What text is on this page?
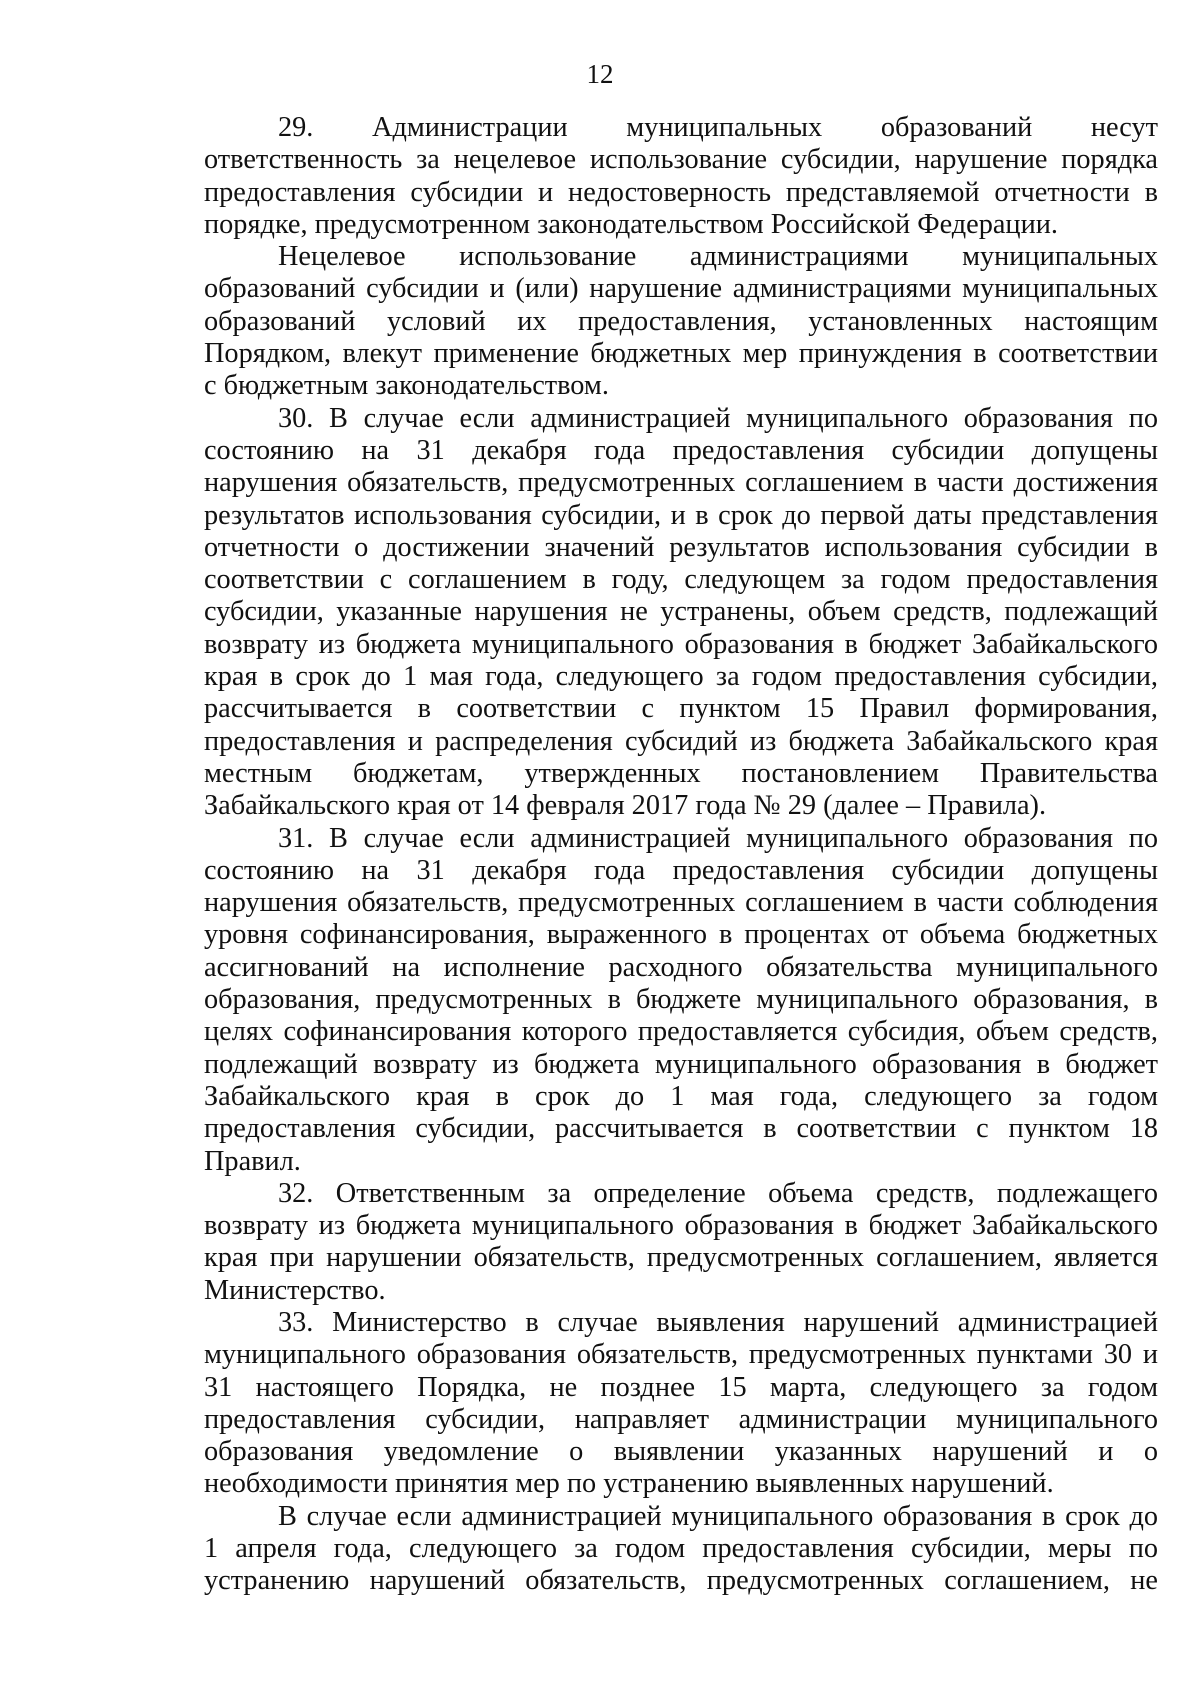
12

29. Администрации муниципальных образований несут
ответственность за нецелевое использование субсидии, нарушение порядка
предоставления субсидии и недостоверность представляемой отчетности в
порядке, предусмотренном законодательством Российской Федерации.

Нецелевое использование администрациями муниципальных
образований субсидии и (или) нарушение администрациями муниципальных
образований условий их предоставления, установленных настоящим
Порядком, влекут применение бюджетных мер принуждения в соответствии
с бюджетным законодательством.

30. В случае если администрацией муниципального образования по
состоянию на 31 декабря года предоставления субсидии допущены
нарушения обязательств, предусмотренных соглашением в части достижения
результатов использования субсидии, и в срок до первой даты представления
отчетности о достижении значений результатов использования субсидии в
соответствии с соглашением в году, следующем за годом предоставления
субсидии, указанные нарушения не устранены, объем средств, подлежащий
возврату из бюджета муниципального образования в бюджет Забайкальского
края в срок до 1 мая года, следующего за годом предоставления субсидии,
рассчитывается в соответствии с пунктом 15 Правил формирования,
предоставления и распределения субсидий из бюджета Забайкальского края
местным бюджетам, утвержденных постановлением Правительства
Забайкальского края от 14 февраля 2017 года № 29 (далее – Правила).

31. В случае если администрацией муниципального образования по
состоянию на 31 декабря года предоставления субсидии допущены
нарушения обязательств, предусмотренных соглашением в части соблюдения
уровня софинансирования, выраженного в процентах от объема бюджетных
ассигнований на исполнение расходного обязательства муниципального
образования, предусмотренных в бюджете муниципального образования, в
целях софинансирования которого предоставляется субсидия, объем средств,
подлежащий возврату из бюджета муниципального образования в бюджет
Забайкальского края в срок до 1 мая года, следующего за годом
предоставления субсидии, рассчитывается в соответствии с пунктом 18
Правил.

32. Ответственным за определение объема средств, подлежащего
возврату из бюджета муниципального образования в бюджет Забайкальского
края при нарушении обязательств, предусмотренных соглашением, является
Министерство.

33. Министерство в случае выявления нарушений администрацией
муниципального образования обязательств, предусмотренных пунктами 30 и
31 настоящего Порядка, не позднее 15 марта, следующего за годом
предоставления субсидии, направляет администрации муниципального
образования уведомление о выявлении указанных нарушений и о
необходимости принятия мер по устранению выявленных нарушений.

В случае если администрацией муниципального образования в срок до
1 апреля года, следующего за годом предоставления субсидии, меры по
устранению нарушений обязательств, предусмотренных соглашением, не
